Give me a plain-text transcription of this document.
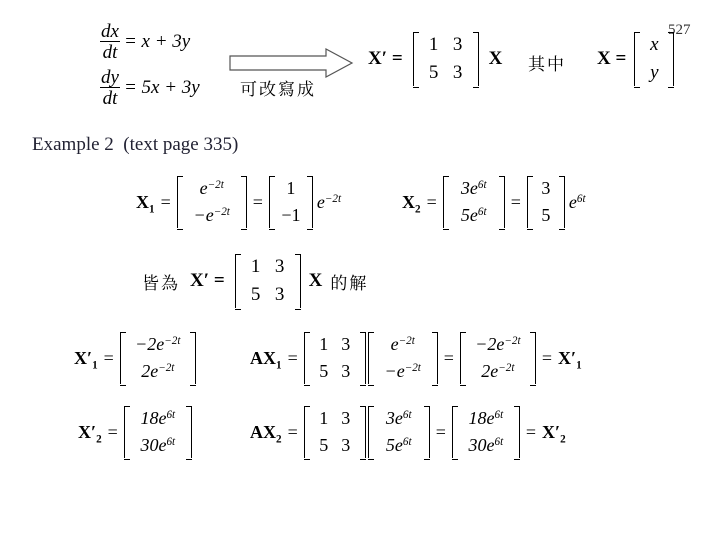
527
$\frac{dx}{dt} = x + 3y$
$\frac{dy}{dt} = 5x + 3y$ 可改寫成
X′ =
1 3
5 3
X 其中 X =
x
y
Example 2  (text page 335)
$X_1$ =
$e^{-2t}$
$-e^{-2t}$
=
1
−1
$e^{-2t}$	$X_2$ =
$3e^{6t}$
$5e^{6t}$
=
3
5
$e^{6t}$
皆為 X′ =
1 3
5 3
X 的解
$X'_1$ =
$-2e^{-2t}$
$2e^{-2t}$
$AX_1$ =
1 3
5 3
$e^{-2t}$
$-e^{-2t}$
=
$-2e^{-2t}$
$2e^{-2t}$
= $X'_1$
$X'_2$ =
$18e^{6t}$
$30e^{6t}$
$AX_2$ =
1 3
5 3
$3e^{6t}$
$5e^{6t}$
=
$18e^{6t}$
$30e^{6t}$
= $X'_2$
